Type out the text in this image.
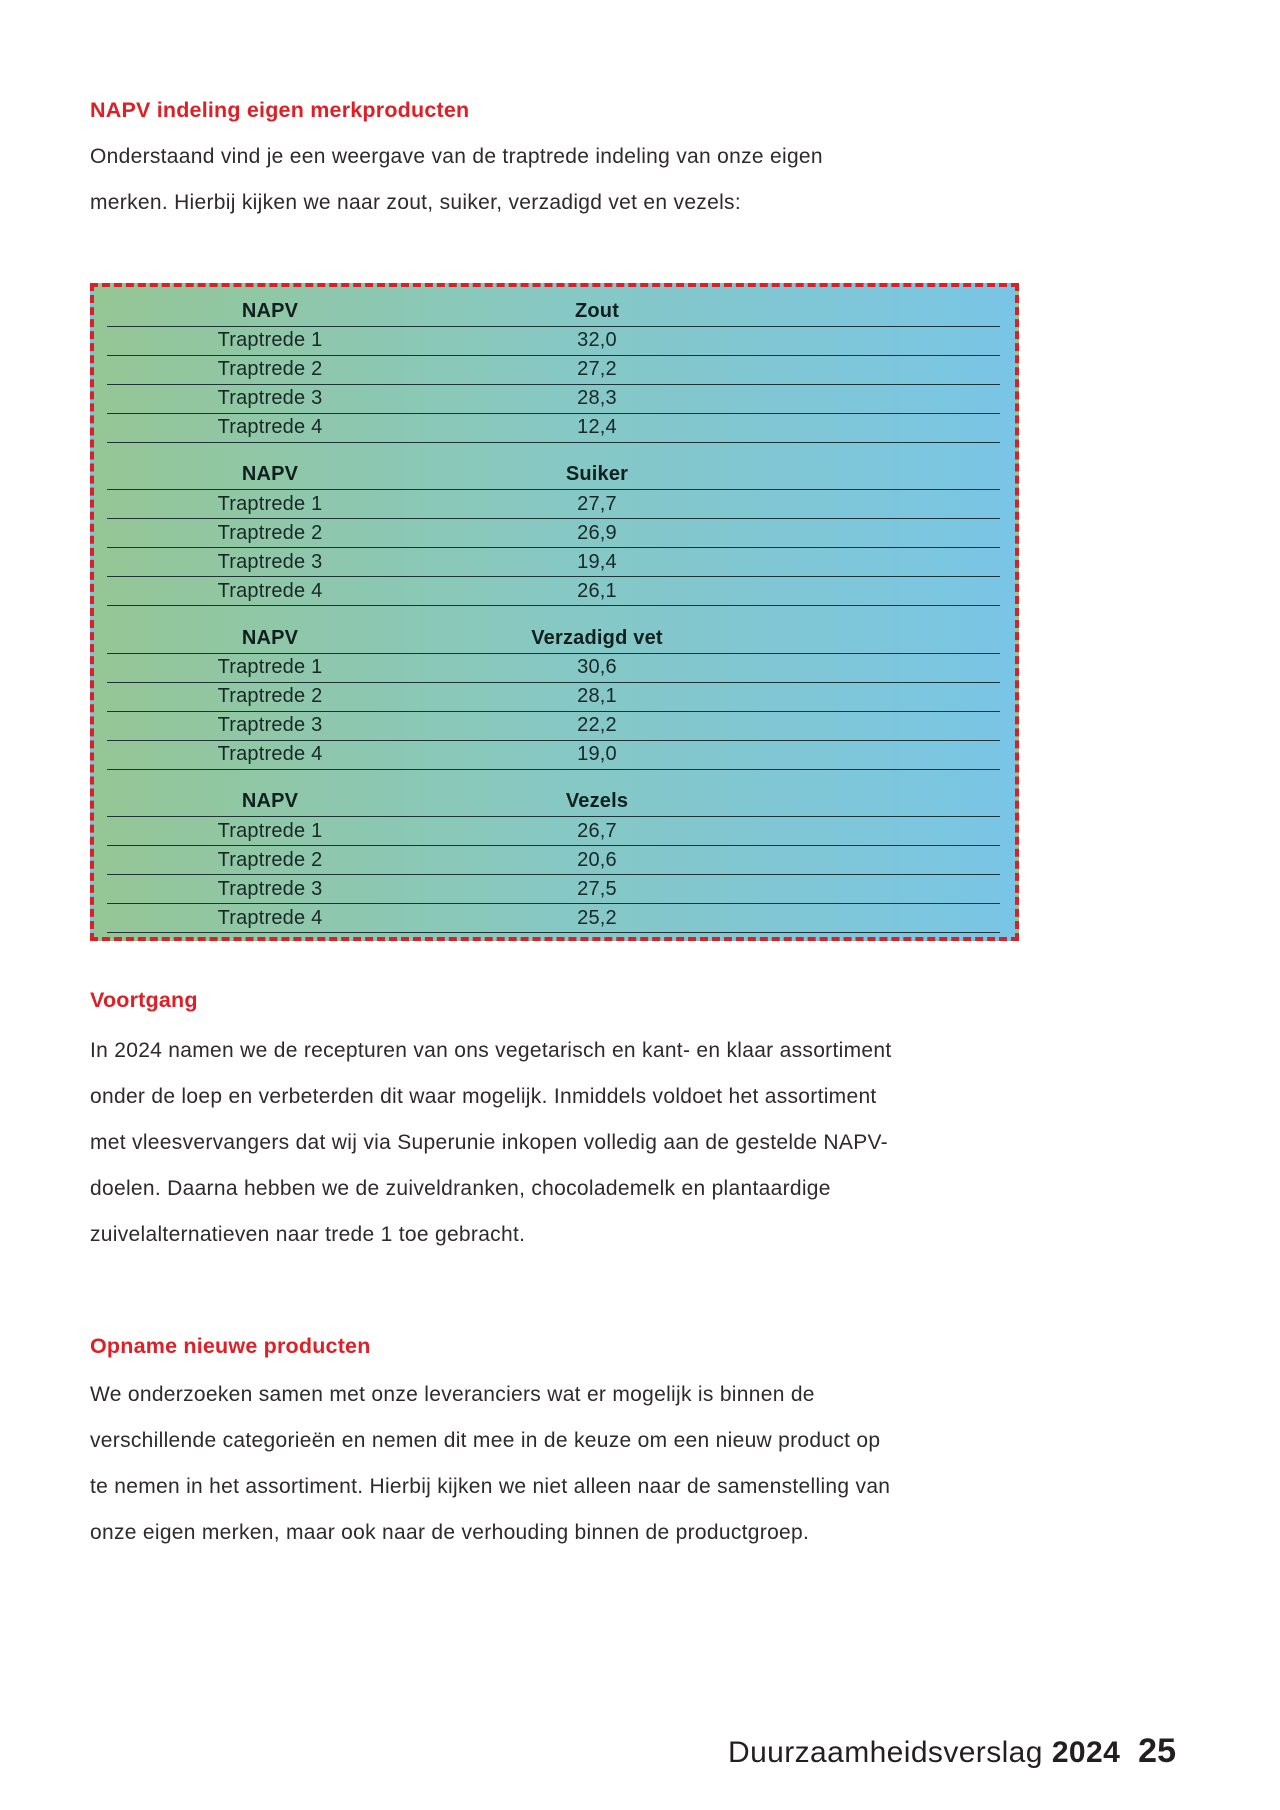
NAPV indeling eigen merkproducten
Onderstaand vind je een weergave van de traptrede indeling van onze eigen
merken. Hierbij kijken we naar zout, suiker, verzadigd vet en vezels:
NAPV	Zout	
Traptrede 1	32,0	
Traptrede 2	27,2	
Traptrede 3	28,3	
Traptrede 4	12,4	
NAPV	Suiker	
Traptrede 1	27,7	
Traptrede 2	26,9	
Traptrede 3	19,4	
Traptrede 4	26,1	
NAPV	Verzadigd vet	
Traptrede 1	30,6	
Traptrede 2	28,1	
Traptrede 3	22,2	
Traptrede 4	19,0	
NAPV	Vezels	
Traptrede 1	26,7	
Traptrede 2	20,6	
Traptrede 3	27,5	
Traptrede 4	25,2	
Voortgang
In 2024 namen we de recepturen van ons vegetarisch en kant- en klaar assortiment
onder de loep en verbeterden dit waar mogelijk. Inmiddels voldoet het assortiment
met vleesvervangers dat wij via Superunie inkopen volledig aan de gestelde NAPV-
doelen. Daarna hebben we de zuiveldranken, chocolademelk en plantaardige
zuivelalternatieven naar trede 1 toe gebracht.
Opname nieuwe producten
We onderzoeken samen met onze leveranciers wat er mogelijk is binnen de
verschillende categorieën en nemen dit mee in de keuze om een nieuw product op
te nemen in het assortiment. Hierbij kijken we niet alleen naar de samenstelling van
onze eigen merken, maar ook naar de verhouding binnen de productgroep.
Duurzaamheidsverslag 2024 25
